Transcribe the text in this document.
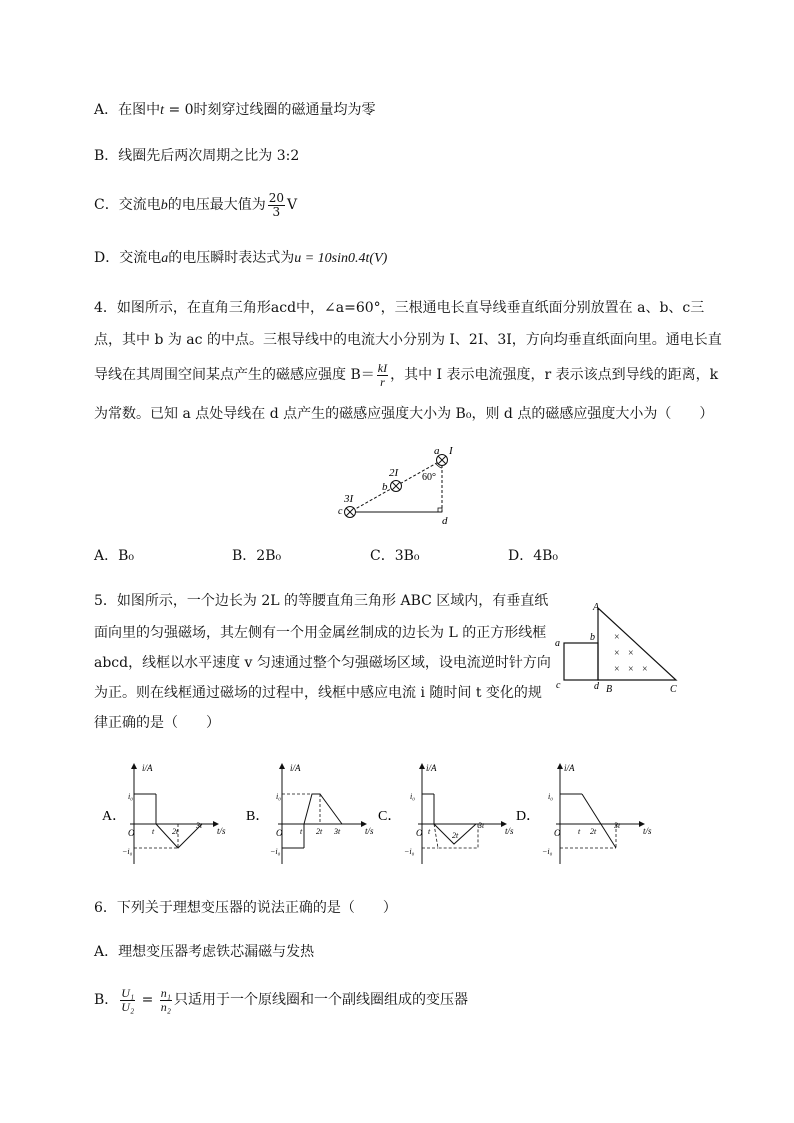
A．在图中t = 0时刻穿过线圈的磁通量均为零
B．线圈先后两次周期之比为 3:2
C．交流电b的电压最大值为 $\frac{20}{3}$ V
D．交流电a的电压瞬时表达式为u = 10sin0.4t(V)
4．如图所示，在直角三角形acd中，∠a=60°，三根通电长直导线垂直纸面分别放置在 a、b、c三
点，其中 b 为 ac 的中点。三根导线中的电流大小分别为 I、2I、3I，方向均垂直纸面向里。通电长直
导线在其周围空间某点产生的磁感应强度 $B= \frac{kI}{r}$ ，其中 I 表示电流强度，r 表示该点到导线的距离，k
为常数。已知 a 点处导线在 d 点产生的磁感应强度大小为 B₀，则 d 点的磁感应强度大小为（　　）
a I
2I
b
3I
c
d
60°
A．B₀	B．2B₀	C．3B₀	D．4B₀
5．如图所示，一个边长为 2L 的等腰直角三角形 ABC 区域内，有垂直纸
面向里的匀强磁场，其左侧有一个用金属丝制成的边长为 L 的正方形线框
abcd，线框以水平速度 v 匀速通过整个匀强磁场区域，设电流逆时针方向
为正。则在线框通过磁场的过程中，线框中感应电流 i 随时间 t 变化的规
律正确的是（　　）
×
× ×
× × ×
A
B	C
a
b
c	d
A．
i/A
t/s
O
i₀
−i₀
t 2t
3t
B．
i/A
t/s
O
i₀
−i₀
t 2t 3t
C．
i/A
t/s
O
i₀
−i₀
t	2t
3t
D．
i/A
t/s
O
i₀
−i₀
t 2t
3t
6．下列关于理想变压器的说法正确的是（　　）
A．理想变压器考虑铁芯漏磁与发热
B． $\frac{\text{U₁}}{\text{U₂}} = \frac{\text{n₁}}{\text{n₂}}$ 只适用于一个原线圈和一个副线圈组成的变压器
